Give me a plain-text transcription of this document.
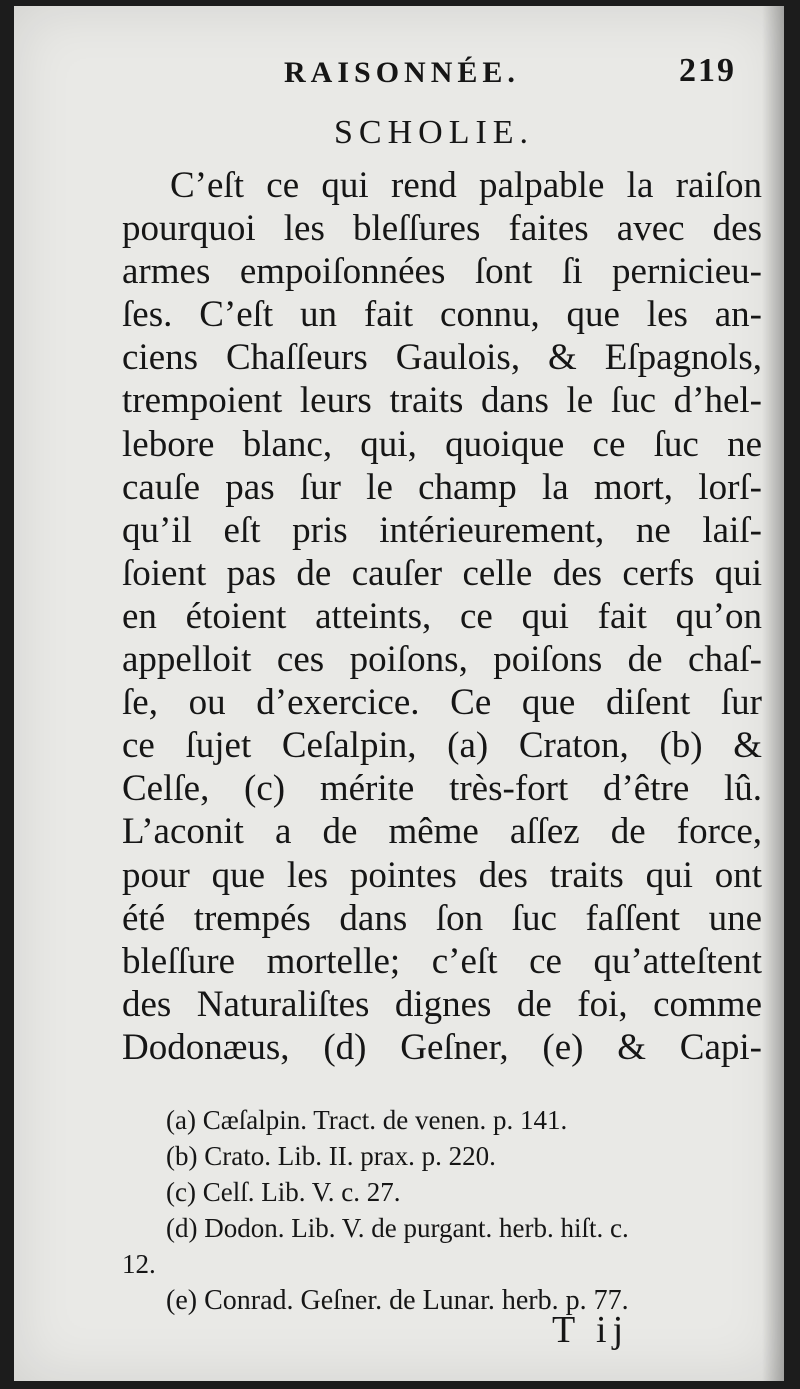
RAISONNÉE.	219
SCHOLIE.
C’eſt ce qui rend palpable la raiſon
pourquoi les bleſſures faites avec des
armes empoiſonnées ſont ſi pernicieu-
ſes. C’eſt un fait connu, que les an-
ciens Chaſſeurs Gaulois, & Eſpagnols,
trempoient leurs traits dans le ſuc d’hel-
lebore blanc, qui, quoique ce ſuc ne
cauſe pas ſur le champ la mort, lorſ-
qu’il eſt pris intérieurement, ne laiſ-
ſoient pas de cauſer celle des cerfs qui
en étoient atteints, ce qui fait qu’on
appelloit ces poiſons, poiſons de chaſ-
ſe, ou d’exercice. Ce que diſent ſur
ce ſujet Ceſalpin, (a) Craton, (b) &
Celſe, (c) mérite très-fort d’être lû.
L’aconit a de même aſſez de force,
pour que les pointes des traits qui ont
été trempés dans ſon ſuc faſſent une
bleſſure mortelle; c’eſt ce qu’atteſtent
des Naturaliſtes dignes de foi, comme
Dodonæus, (d) Geſner, (e) & Capi-
(a) Cæſalpin. Tract. de venen. p. 141.
(b) Crato. Lib. II. prax. p. 220.
(c) Celſ. Lib. V. c. 27.
(d) Dodon. Lib. V. de purgant. herb. hiſt. c.
12.
(e) Conrad. Geſner. de Lunar. herb. p. 77.
T ij
